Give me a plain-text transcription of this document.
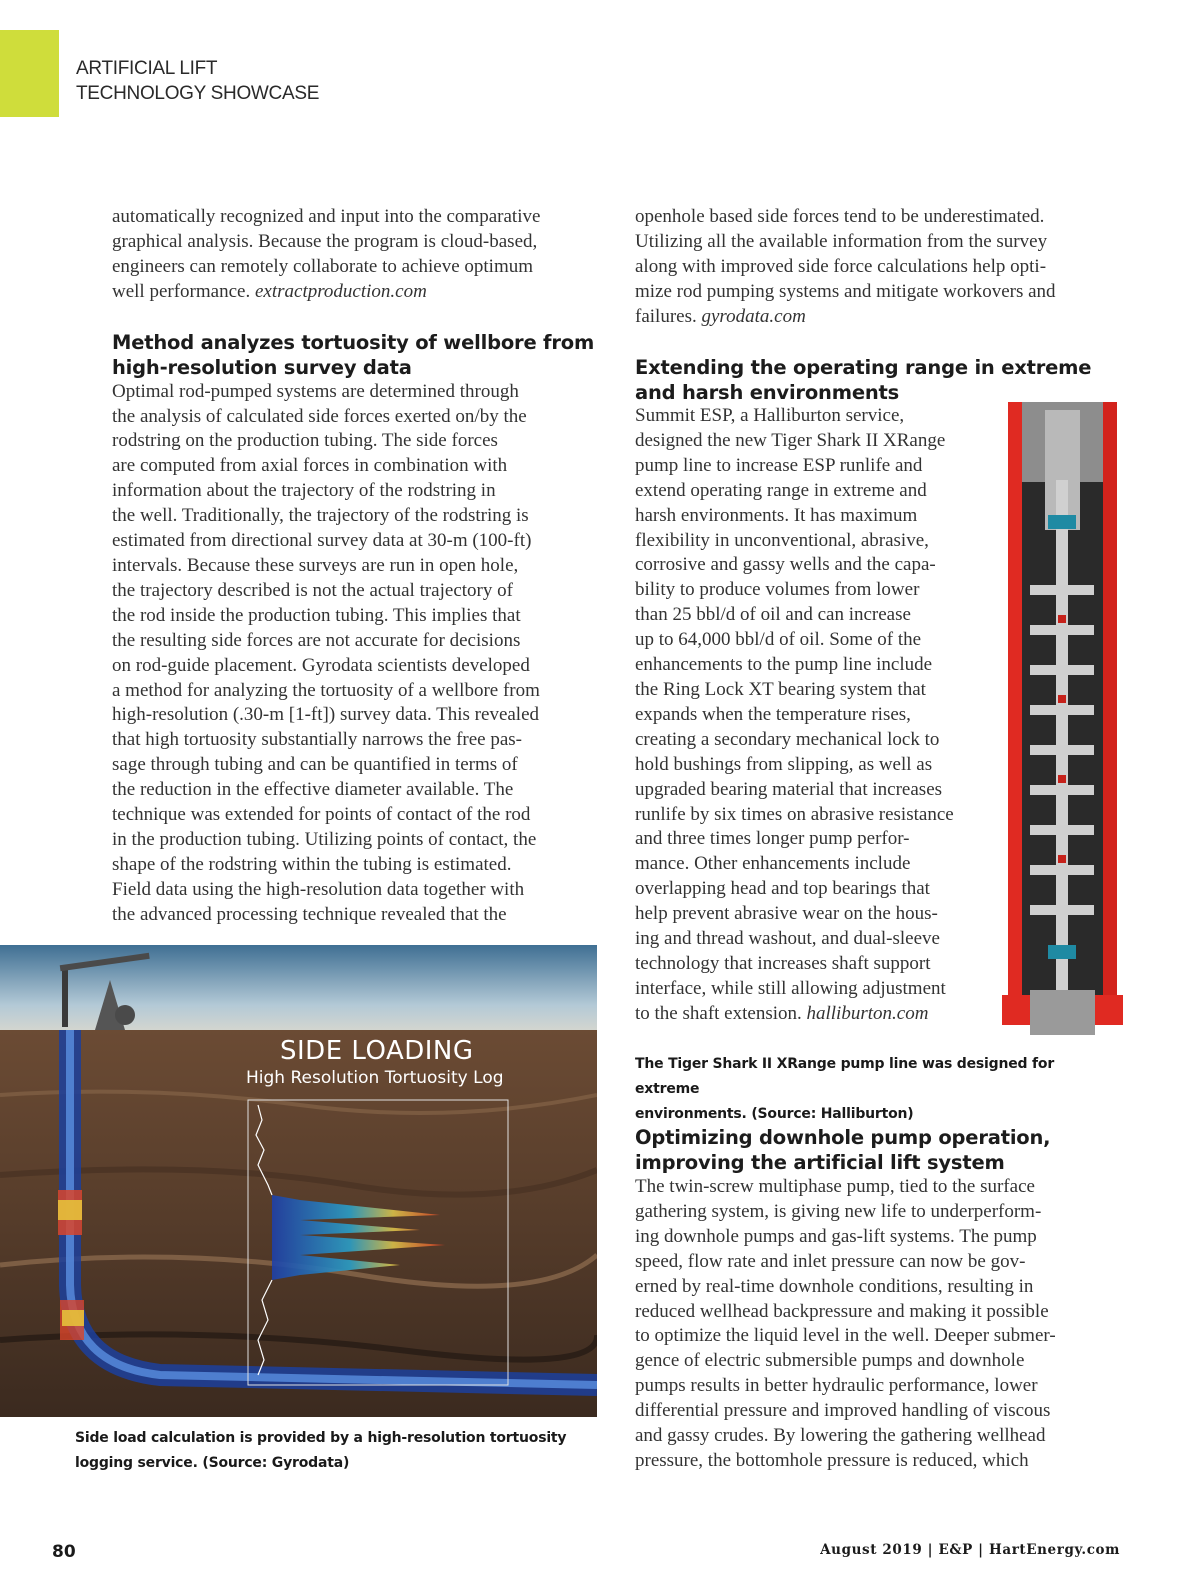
ARTIFICIAL LIFT
TECHNOLOGY SHOWCASE

automatically recognized and input into the comparative

graphical analysis. Because the program is cloud-based,

engineers can remotely collaborate to achieve optimum

well performance. extractproduction.com

Method analyzes tortuosity of wellbore from
high-resolution survey data

Optimal rod-pumped systems are determined through

the analysis of calculated side forces exerted on/by the

rodstring on the production tubing. The side forces

are computed from axial forces in combination with

information about the trajectory of the rodstring in

the well. Traditionally, the trajectory of the rodstring is

estimated from directional survey data at 30-m (100-ft)

intervals. Because these surveys are run in open hole,

the trajectory described is not the actual trajectory of

the rod inside the production tubing. This implies that

the resulting side forces are not accurate for decisions

on rod-guide placement. Gyrodata scientists developed

a method for analyzing the tortuosity of a wellbore from

high-resolution (.30-m [1-ft]) survey data. This revealed

that high tortuosity substantially narrows the free pas-

sage through tubing and can be quantified in terms of

the reduction in the effective diameter available. The

technique was extended for points of contact of the rod

in the production tubing. Utilizing points of contact, the

shape of the rodstring within the tubing is estimated.

Field data using the high-resolution data together with

the advanced processing technique revealed that the

SIDE LOADING
High Resolution Tortuosity Log
Side load calculation is provided by a high-resolution tortuosity
logging service. (Source: Gyrodata)

openhole based side forces tend to be underestimated.

Utilizing all the available information from the survey

along with improved side force calculations help opti-

mize rod pumping systems and mitigate workovers and

failures. gyrodata.com

Extending the operating range in extreme
and harsh environments

Summit ESP, a Halliburton service,

designed the new Tiger Shark II XRange

pump line to increase ESP runlife and

extend operating range in extreme and

harsh environments. It has maximum

flexibility in unconventional, abrasive,

corrosive and gassy wells and the capa-

bility to produce volumes from lower

than 25 bbl/d of oil and can increase

up to 64,000 bbl/d of oil. Some of the

enhancements to the pump line include

the Ring Lock XT bearing system that

expands when the temperature rises,

creating a secondary mechanical lock to

hold bushings from slipping, as well as

upgraded bearing material that increases

runlife by six times on abrasive resistance

and three times longer pump perfor-

mance. Other enhancements include

overlapping head and top bearings that

help prevent abrasive wear on the hous-

ing and thread washout, and dual-sleeve

technology that increases shaft support

interface, while still allowing adjustment

to the shaft extension. halliburton.com

The Tiger Shark II XRange pump line was designed for extreme
environments. (Source: Halliburton)
Optimizing downhole pump operation,
improving the artificial lift system

The twin-screw multiphase pump, tied to the surface

gathering system, is giving new life to underperform-

ing downhole pumps and gas-lift systems. The pump

speed, flow rate and inlet pressure can now be gov-

erned by real-time downhole conditions, resulting in

reduced wellhead backpressure and making it possible

to optimize the liquid level in the well. Deeper submer-

gence of electric submersible pumps and downhole

pumps results in better hydraulic performance, lower

differential pressure and improved handling of viscous

and gassy crudes. By lowering the gathering wellhead

pressure, the bottomhole pressure is reduced, which

80	August 2019 | E&P | HartEnergy.com
